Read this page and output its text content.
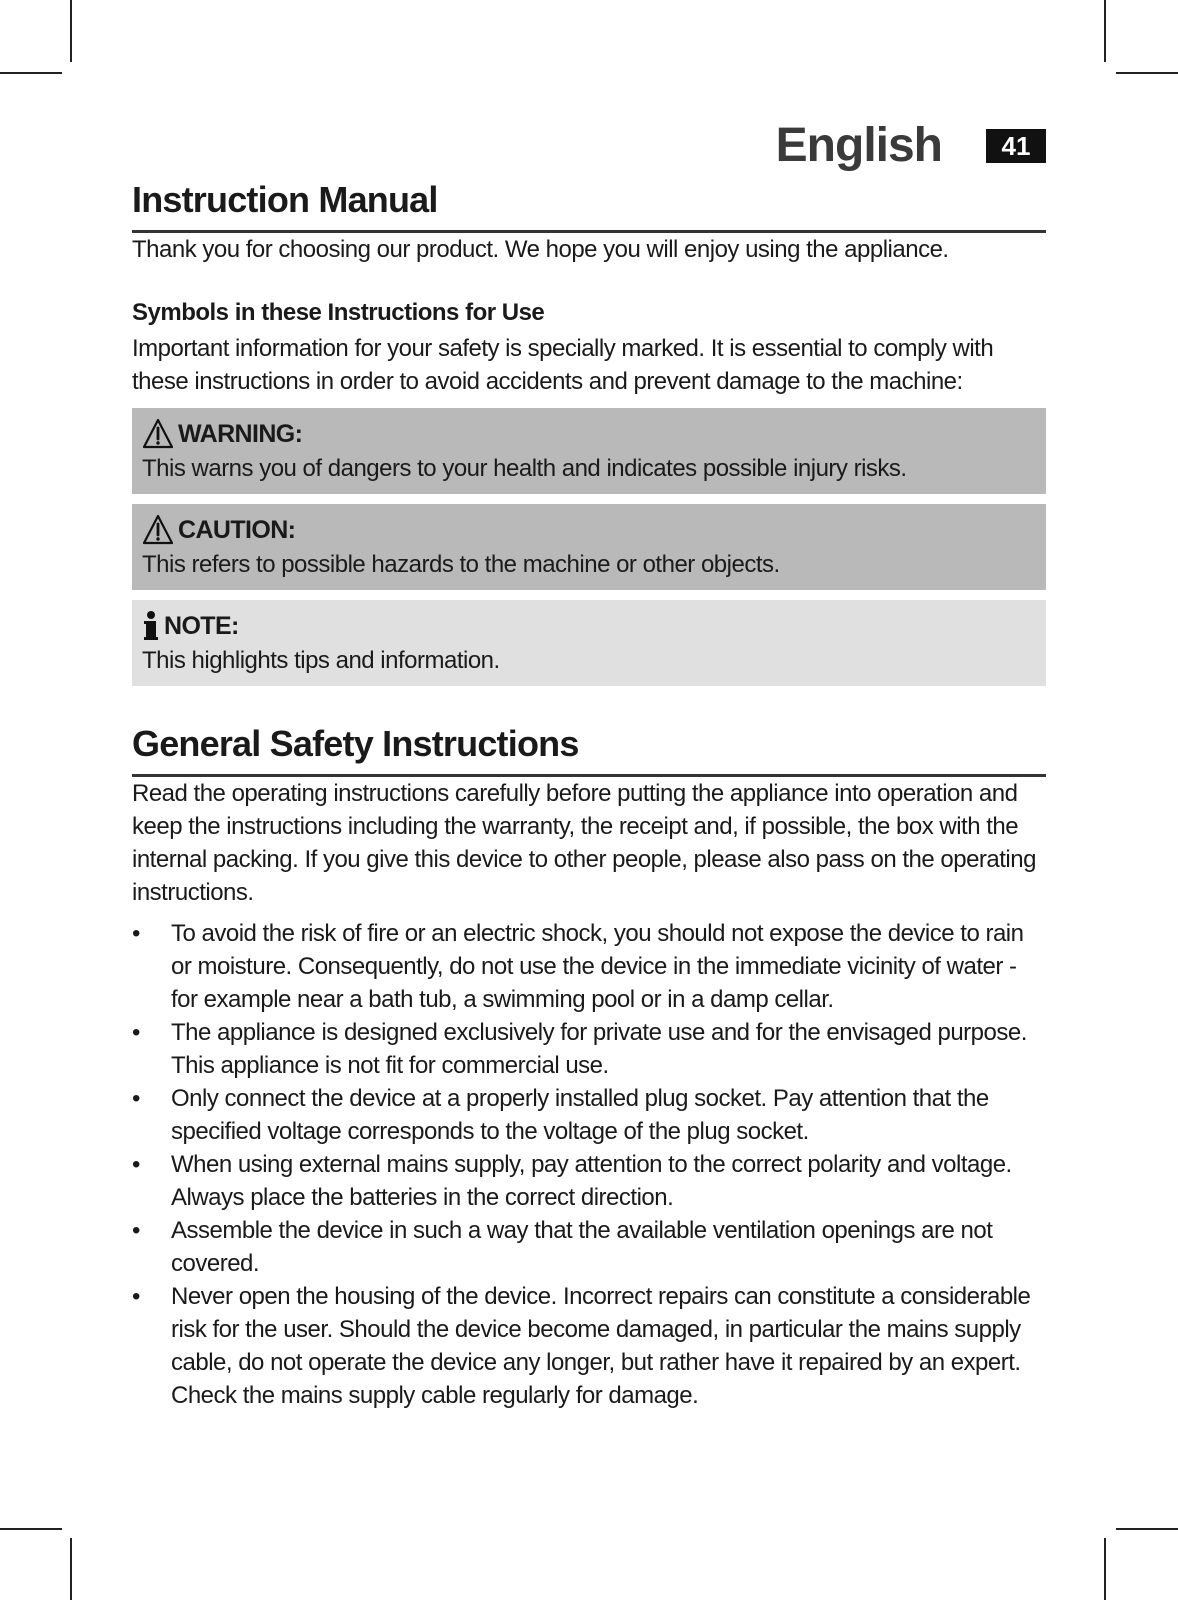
English	41
Instruction Manual

Thank you for choosing our product. We hope you will enjoy using the appliance.

Symbols in these Instructions for Use

Important information for your safety is specially marked. It is essential to comply with these instructions in order to avoid accidents and prevent damage to the machine:

WARNING:
This warns you of dangers to your health and indicates possible injury risks.
CAUTION:
This refers to possible hazards to the machine or other objects.
NOTE:
This highlights tips and information.
General Safety Instructions

Read the operating instructions carefully before putting the appliance into operation and keep the instructions including the warranty, the receipt and, if possible, the box with the internal packing. If you give this device to other people, please also pass on the operating instructions.

• To avoid the risk of fire or an electric shock, you should not expose the device to rain or moisture. Consequently, do not use the device in the immediate vicinity of water - for example near a bath tub, a swimming pool or in a damp cellar.
• The appliance is designed exclusively for private use and for the envisaged purpose. This appliance is not fit for commercial use.
• Only connect the device at a properly installed plug socket. Pay attention that the specified voltage corresponds to the voltage of the plug socket.
• When using external mains supply, pay attention to the correct polarity and voltage. Always place the batteries in the correct direction.
• Assemble the device in such a way that the available ventilation openings are not covered.
• Never open the housing of the device. Incorrect repairs can constitute a considerable risk for the user. Should the device become damaged, in particular the mains supply cable, do not operate the device any longer, but rather have it repaired by an expert. Check the mains supply cable regularly for damage.
